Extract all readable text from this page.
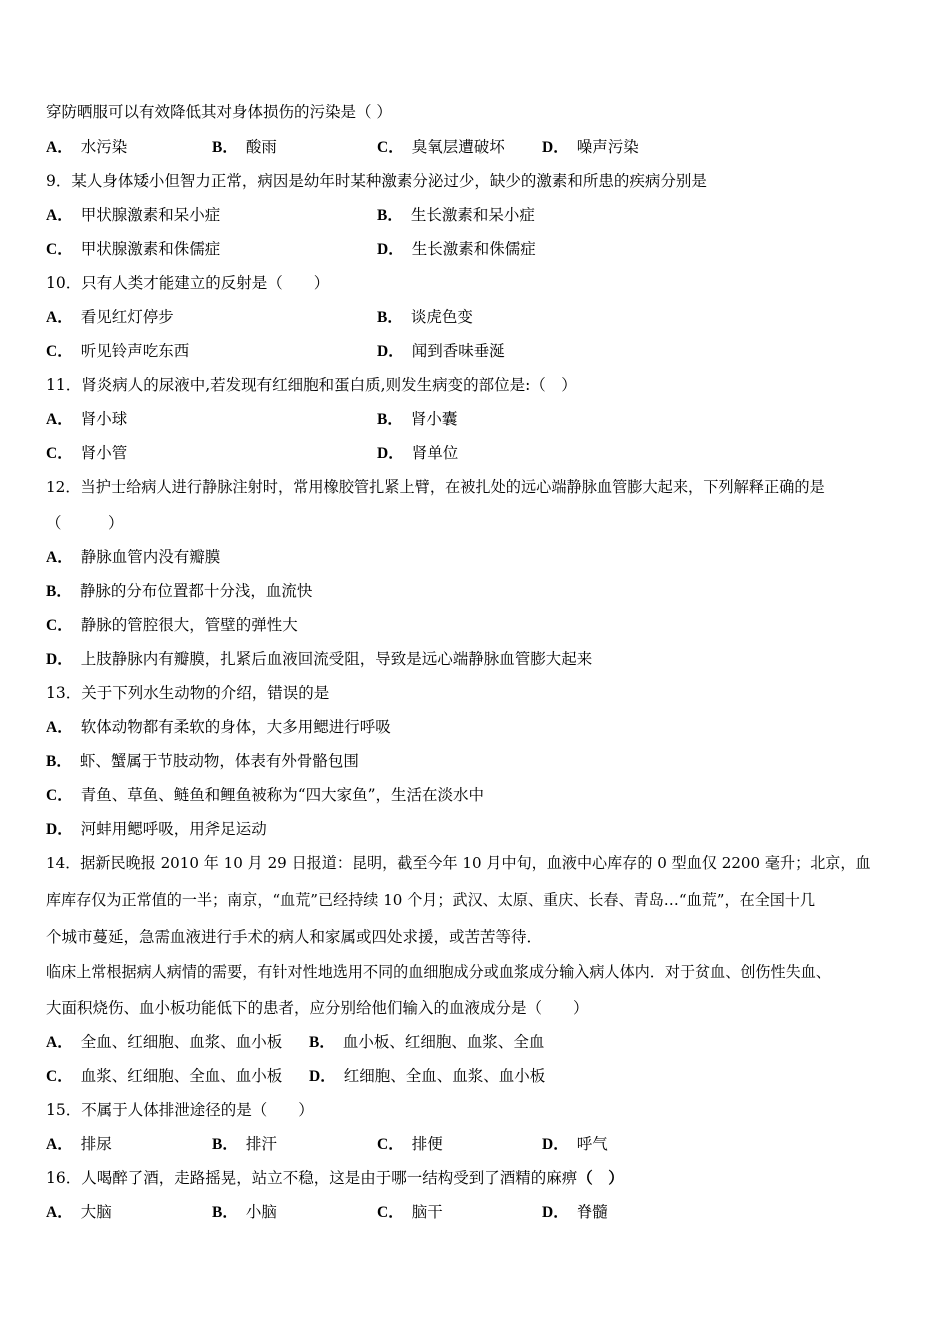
穿防晒服可以有效降低其对身体损伤的污染是（ ）
A． 水污染	B． 酸雨	C． 臭氧层遭破坏 D． 噪声污染
9．某人身体矮小但智力正常，病因是幼年时某种激素分泌过少，缺少的激素和所患的疾病分别是
A． 甲状腺激素和呆小症	B． 生长激素和呆小症
C． 甲状腺激素和侏儒症	D． 生长激素和侏儒症
10．只有人类才能建立的反射是（　　）
A． 看见红灯停步	B． 谈虎色变
C． 听见铃声吃东西	D． 闻到香味垂涎
11．肾炎病人的尿液中,若发现有红细胞和蛋白质,则发生病变的部位是:（　）
A． 肾小球	B． 肾小囊
C． 肾小管	D． 肾单位
12．当护士给病人进行静脉注射时，常用橡胶管扎紧上臂，在被扎处的远心端静脉血管膨大起来，下列解释正确的是
（　　　）
A． 静脉血管内没有瓣膜
B． 静脉的分布位置都十分浅，血流快
C． 静脉的管腔很大，管壁的弹性大
D． 上肢静脉内有瓣膜，扎紧后血液回流受阻，导致是远心端静脉血管膨大起来
13．关于下列水生动物的介绍，错误的是
A． 软体动物都有柔软的身体，大多用鳃进行呼吸
B． 虾、蟹属于节肢动物，体表有外骨骼包围
C． 青鱼、草鱼、鲢鱼和鲤鱼被称为“四大家鱼”，生活在淡水中
D． 河蚌用鳃呼吸，用斧足运动
14．据新民晚报 2010 年 10 月 29 日报道：昆明，截至今年 10 月中旬，血液中心库存的 0 型血仅 2200 毫升；北京，血
库库存仅为正常值的一半；南京，“血荒”已经持续 10 个月；武汉、太原、重庆、长春、青岛…“血荒”，在全国十几
个城市蔓延，急需血液进行手术的病人和家属或四处求援，或苦苦等待．
临床上常根据病人病情的需要，有针对性地选用不同的血细胞成分或血浆成分输入病人体内．对于贫血、创伤性失血、
大面积烧伤、血小板功能低下的患者，应分别给他们输入的血液成分是（　　）
A． 全血、红细胞、血浆、血小板 B． 血小板、红细胞、血浆、全血
C． 血浆、红细胞、全血、血小板 D． 红细胞、全血、血浆、血小板
15．不属于人体排泄途径的是（　　）
A． 排尿	B． 排汗	C． 排便	D． 呼气
16．人喝醉了酒，走路摇晃，站立不稳，这是由于哪一结构受到了酒精的麻痹（　）
A． 大脑	B． 小脑	C． 脑干	D． 脊髓
